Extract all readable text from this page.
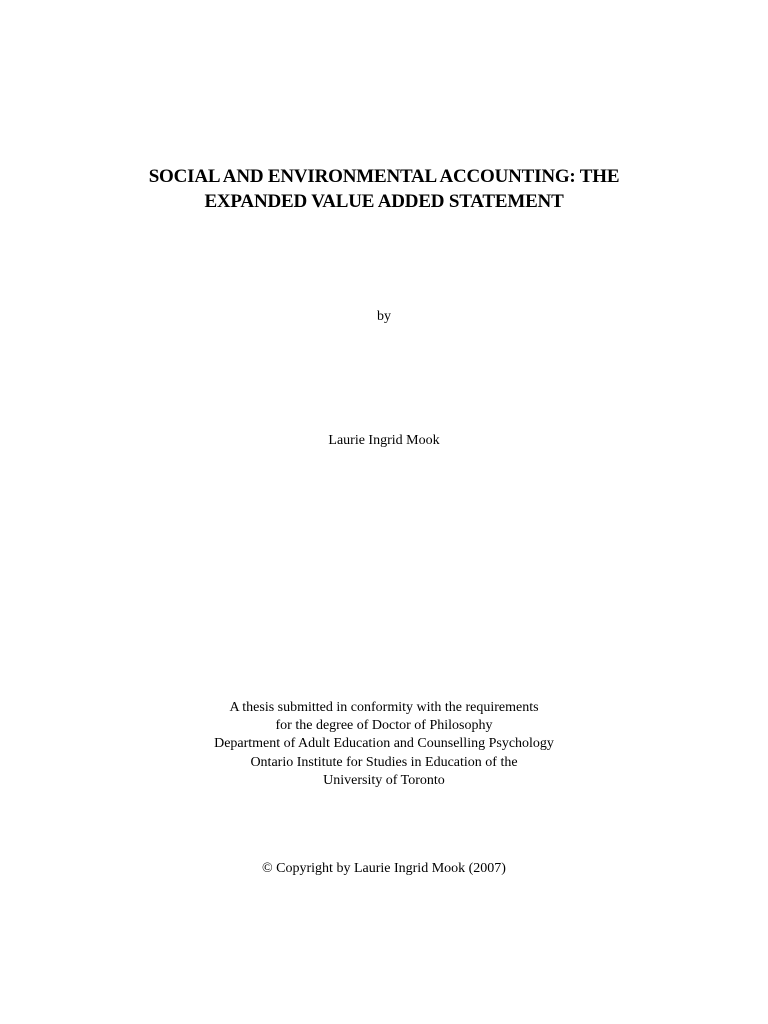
SOCIAL AND ENVIRONMENTAL ACCOUNTING: THE
EXPANDED VALUE ADDED STATEMENT
by
Laurie Ingrid Mook
A thesis submitted in conformity with the requirements
for the degree of Doctor of Philosophy
Department of Adult Education and Counselling Psychology
Ontario Institute for Studies in Education of the
University of Toronto
© Copyright by Laurie Ingrid Mook (2007)
